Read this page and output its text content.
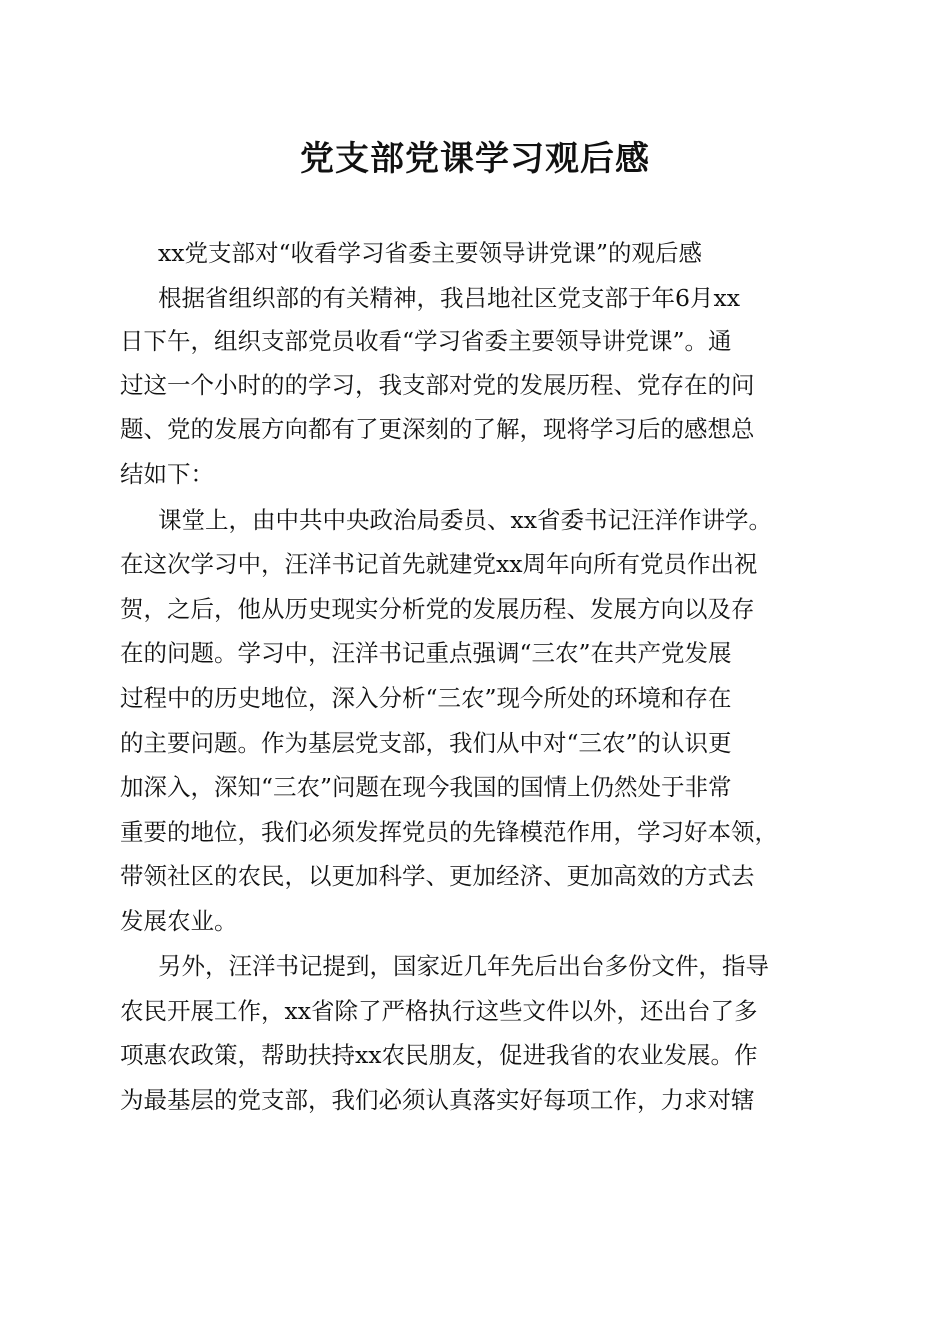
党支部党课学习观后感
xx党支部对“收看学习省委主要领导讲党课”的观后感
根据省组织部的有关精神，我吕地社区党支部于年6月xx
日下午，组织支部党员收看“学习省委主要领导讲党课”。通
过这一个小时的的学习，我支部对党的发展历程、党存在的问
题、党的发展方向都有了更深刻的了解，现将学习后的感想总
结如下：
课堂上，由中共中央政治局委员、xx省委书记汪洋作讲学。
在这次学习中，汪洋书记首先就建党xx周年向所有党员作出祝
贺，之后，他从历史现实分析党的发展历程、发展方向以及存
在的问题。学习中，汪洋书记重点强调“三农”在共产党发展
过程中的历史地位，深入分析“三农”现今所处的环境和存在
的主要问题。作为基层党支部，我们从中对“三农”的认识更
加深入，深知“三农”问题在现今我国的国情上仍然处于非常
重要的地位，我们必须发挥党员的先锋模范作用，学习好本领，
带领社区的农民，以更加科学、更加经济、更加高效的方式去
发展农业。
另外，汪洋书记提到，国家近几年先后出台多份文件，指导
农民开展工作，xx省除了严格执行这些文件以外，还出台了多
项惠农政策，帮助扶持xx农民朋友，促进我省的农业发展。作
为最基层的党支部，我们必须认真落实好每项工作，力求对辖
